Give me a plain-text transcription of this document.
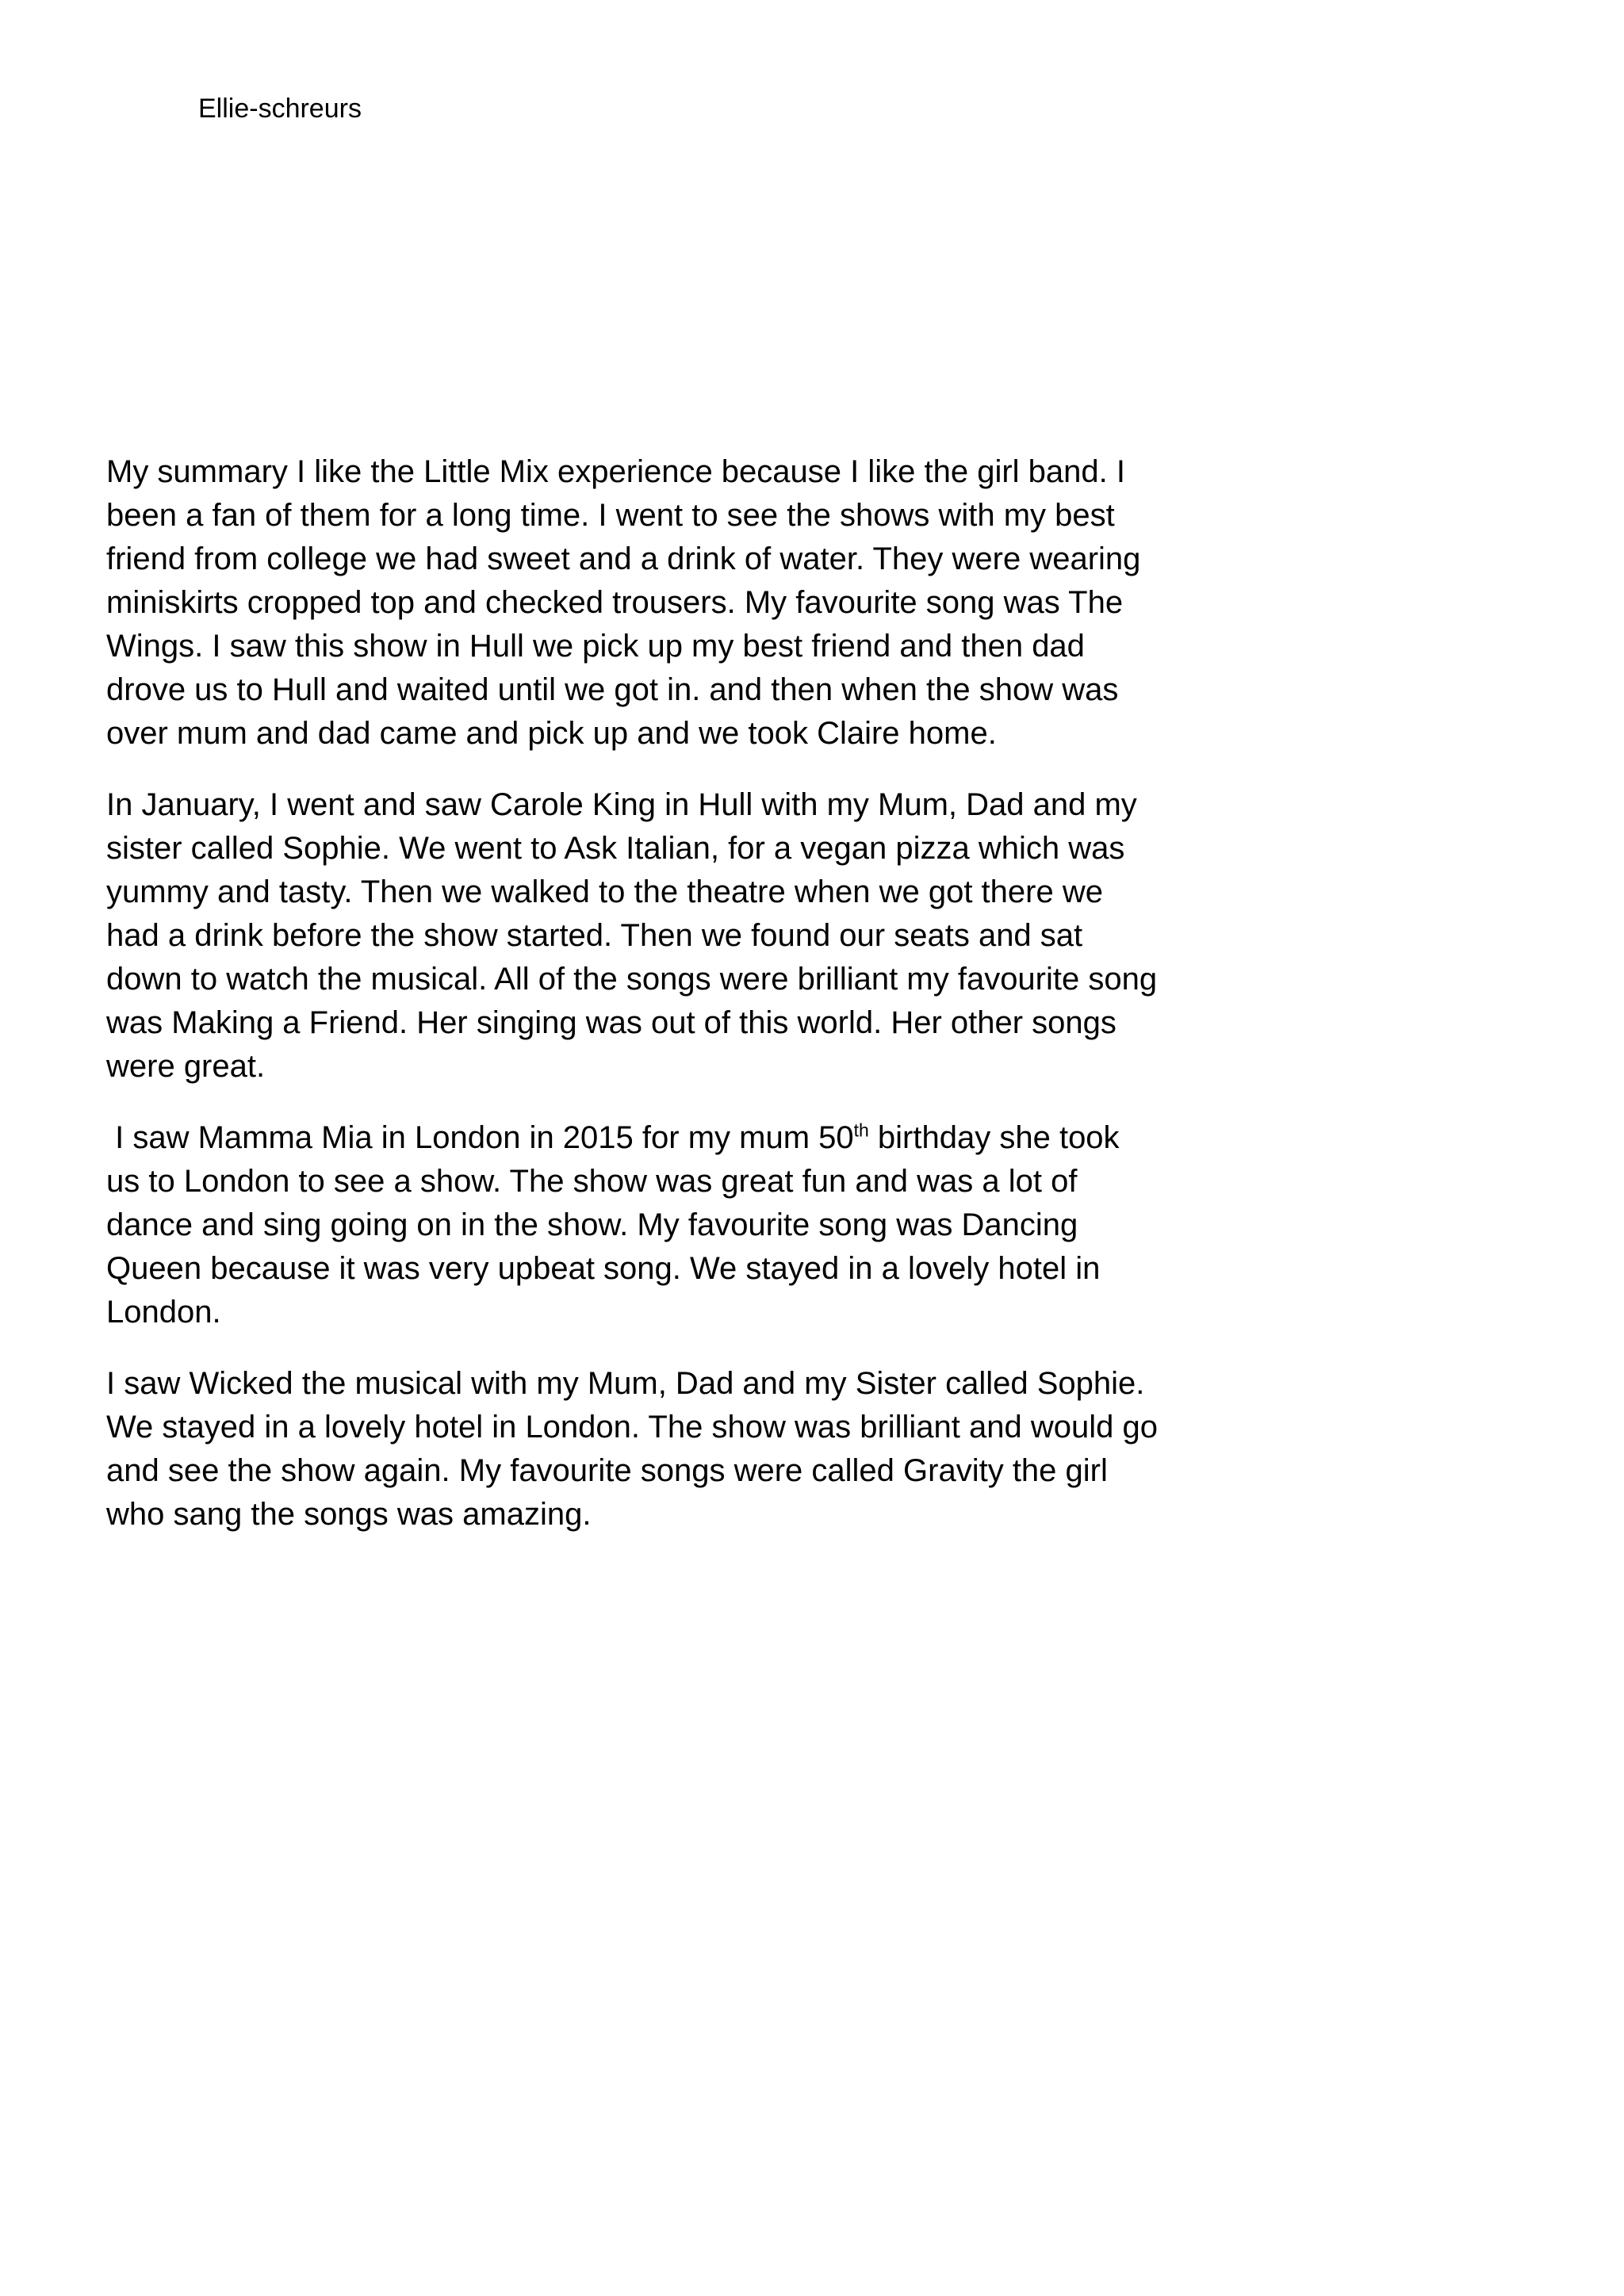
Ellie-schreurs

My summary I like the Little Mix experience because I like the girl band. I
been a fan of them for a long time. I went to see the shows with my best
friend from college we had sweet and a drink of water. They were wearing
miniskirts cropped top and checked trousers. My favourite song was The
Wings. I saw this show in Hull we pick up my best friend and then dad
drove us to Hull and waited until we got in. and then when the show was
over mum and dad came and pick up and we took Claire home.

In January, I went and saw Carole King in Hull with my Mum, Dad and my
sister called Sophie. We went to Ask Italian, for a vegan pizza which was
yummy and tasty. Then we walked to the theatre when we got there we
had a drink before the show started. Then we found our seats and sat
down to watch the musical. All of the songs were brilliant my favourite song
was Making a Friend. Her singing was out of this world. Her other songs
were great.

I saw Mamma Mia in London in 2015 for my mum 50th birthday she took
us to London to see a show. The show was great fun and was a lot of
dance and sing going on in the show. My favourite song was Dancing
Queen because it was very upbeat song. We stayed in a lovely hotel in
London.

I saw Wicked the musical with my Mum, Dad and my Sister called Sophie.
We stayed in a lovely hotel in London. The show was brilliant and would go
and see the show again. My favourite songs were called Gravity the girl
who sang the songs was amazing.
